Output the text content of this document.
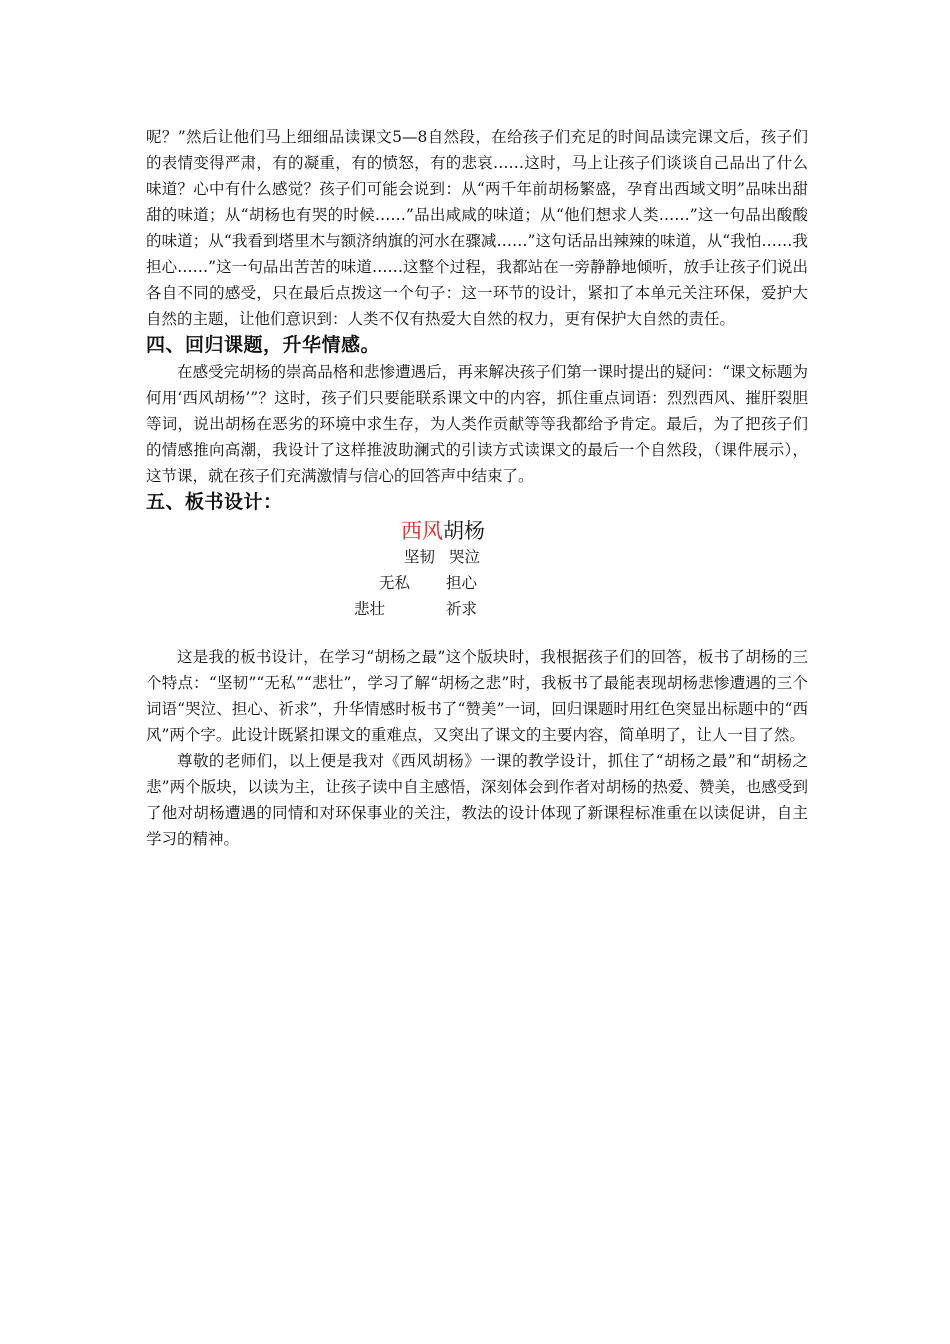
呢？”然后让他们马上细细品读课文5—8自然段，在给孩子们充足的时间品读完课文后，孩子们的表情变得严肃，有的凝重，有的愤怒，有的悲哀……这时，马上让孩子们谈谈自己品出了什么味道？心中有什么感觉？孩子们可能会说到：从“两千年前胡杨繁盛，孕育出西域文明”品味出甜甜的味道；从“胡杨也有哭的时候……”品出咸咸的味道；从“他们想求人类……”这一句品出酸酸的味道；从“我看到塔里木与额济纳旗的河水在骤减……”这句话品出辣辣的味道，从“我怕……我担心……”这一句品出苦苦的味道……这整个过程，我都站在一旁静静地倾听，放手让孩子们说出各自不同的感受，只在最后点拨这一个句子：这一环节的设计，紧扣了本单元关注环保，爱护大自然的主题，让他们意识到：人类不仅有热爱大自然的权力，更有保护大自然的责任。

四、回归课题，升华情感。

在感受完胡杨的崇高品格和悲惨遭遇后，再来解决孩子们第一课时提出的疑问：“课文标题为何用‘西风胡杨’”？这时，孩子们只要能联系课文中的内容，抓住重点词语：烈烈西风、摧肝裂胆等词，说出胡杨在恶劣的环境中求生存，为人类作贡献等等我都给予肯定。最后，为了把孩子们的情感推向高潮，我设计了这样推波助澜式的引读方式读课文的最后一个自然段，（课件展示），这节课，就在孩子们充满激情与信心的回答声中结束了。

五、板书设计：
西风胡杨
坚韧 哭泣
无私 担心
悲壮	祈求

这是我的板书设计，在学习“胡杨之最”这个版块时，我根据孩子们的回答，板书了胡杨的三个特点：“坚韧”“无私”“悲壮”，学习了解“胡杨之悲”时，我板书了最能表现胡杨悲惨遭遇的三个词语“哭泣、担心、祈求”，升华情感时板书了“赞美”一词，回归课题时用红色突显出标题中的“西风”两个字。此设计既紧扣课文的重难点，又突出了课文的主要内容，简单明了，让人一目了然。

尊敬的老师们，以上便是我对《西风胡杨》一课的教学设计，抓住了“胡杨之最”和“胡杨之悲”两个版块，以读为主，让孩子读中自主感悟，深刻体会到作者对胡杨的热爱、赞美，也感受到了他对胡杨遭遇的同情和对环保事业的关注，教法的设计体现了新课程标准重在以读促讲，自主学习的精神。
